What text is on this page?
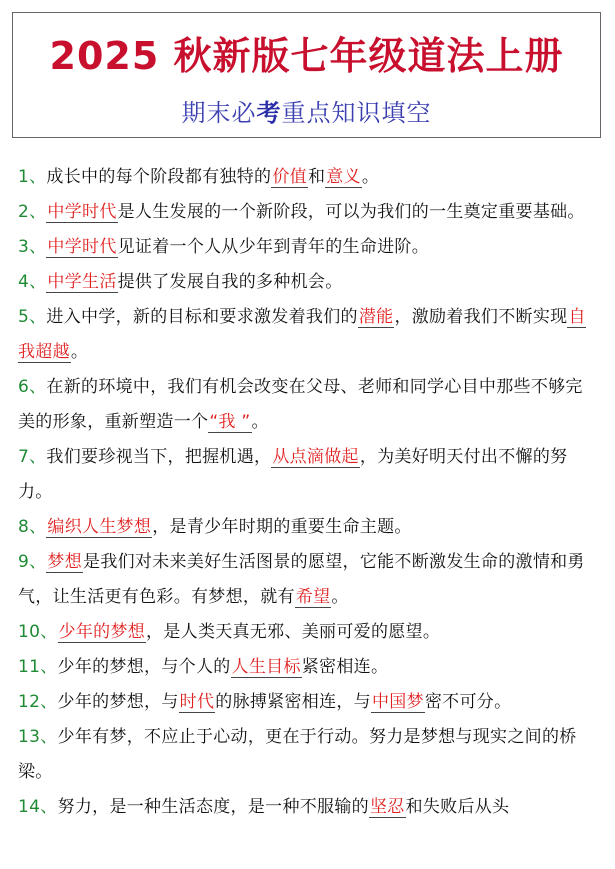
2025 秋新版七年级道法上册
期末必考重点知识填空

1、成长中的每个阶段都有独特的价值和意义。

2、中学时代是人生发展的一个新阶段，可以为我们的一生奠定重要基础。

3、中学时代见证着一个人从少年到青年的生命进阶。

4、中学生活提供了发展自我的多种机会。

5、进入中学，新的目标和要求激发着我们的潜能，激励着我们不断实现自我超越。

6、在新的环境中，我们有机会改变在父母、老师和同学心目中那些不够完美的形象，重新塑造一个“我 ”。

7、我们要珍视当下，把握机遇，从点滴做起，为美好明天付出不懈的努力。

8、编织人生梦想，是青少年时期的重要生命主题。

9、梦想是我们对未来美好生活图景的愿望，它能不断激发生命的激情和勇气，让生活更有色彩。有梦想，就有希望。

10、少年的梦想，是人类天真无邪、美丽可爱的愿望。

11、少年的梦想，与个人的人生目标紧密相连。

12、少年的梦想，与时代的脉搏紧密相连，与中国梦密不可分。

13、少年有梦，不应止于心动，更在于行动。努力是梦想与现实之间的桥梁。

14、努力，是一种生活态度，是一种不服输的坚忍和失败后从头
